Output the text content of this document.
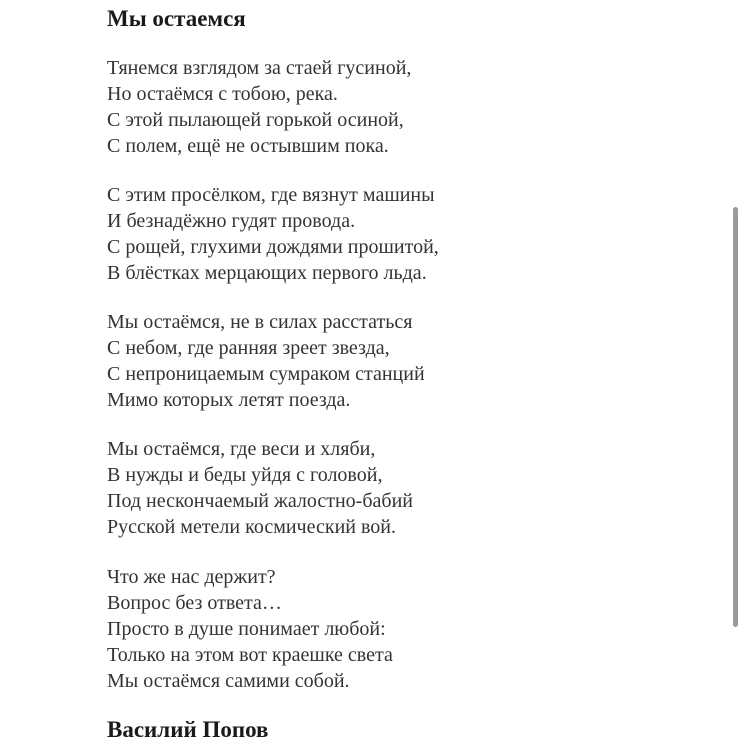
Мы остаемся
Тянемся взглядом за стаей гусиной,
Но остаёмся с тобою, река.
С этой пылающей горькой осиной,
С полем, ещё не остывшим пока.
С этим просёлком, где вязнут машины
И безнадёжно гудят провода.
С рощей, глухими дождями прошитой,
В блёстках мерцающих первого льда.
Мы остаёмся, не в силах расстаться
С небом, где ранняя зреет звезда,
С непроницаемым сумраком станций
Мимо которых летят поезда.
Мы остаёмся, где веси и хляби,
В нужды и беды уйдя с головой,
Под нескончаемый жалостно-бабий
Русской метели космический вой.
Что же нас держит?
Вопрос без ответа…
Просто в душе понимает любой:
Только на этом вот краешке света
Мы остаёмся самими собой.
Василий Попов
